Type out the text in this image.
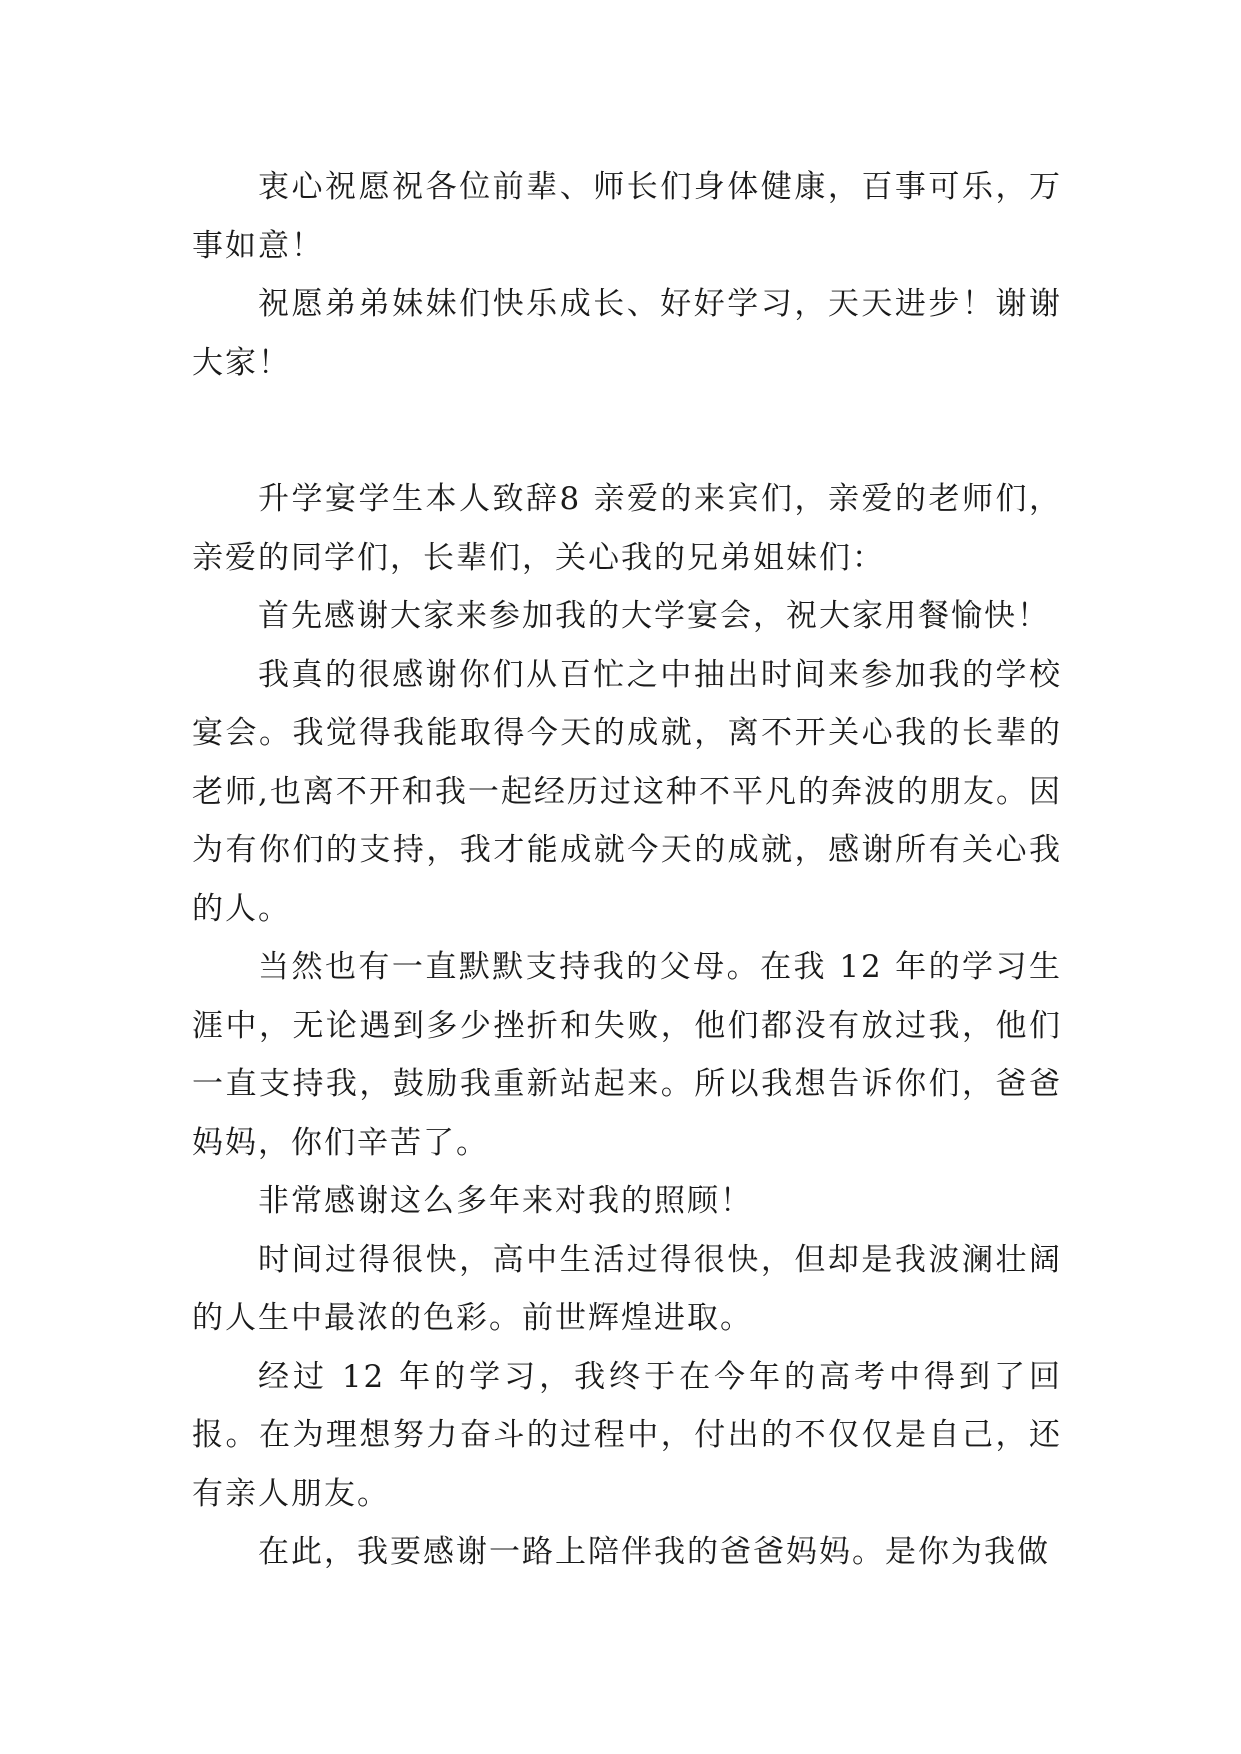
衷心祝愿祝各位前辈、师长们身体健康，百事可乐，万事如意！

祝愿弟弟妹妹们快乐成长、好好学习，天天进步！谢谢大家！

升学宴学生本人致辞8 亲爱的来宾们，亲爱的老师们，亲爱的同学们，长辈们，关心我的兄弟姐妹们：

首先感谢大家来参加我的大学宴会，祝大家用餐愉快！

我真的很感谢你们从百忙之中抽出时间来参加我的学校宴会。我觉得我能取得今天的成就，离不开关心我的长辈的老师,也离不开和我一起经历过这种不平凡的奔波的朋友。因为有你们的支持，我才能成就今天的成就，感谢所有关心我的人。

当然也有一直默默支持我的父母。在我 12 年的学习生涯中，无论遇到多少挫折和失败，他们都没有放过我，他们一直支持我，鼓励我重新站起来。所以我想告诉你们，爸爸妈妈，你们辛苦了。

非常感谢这么多年来对我的照顾！

时间过得很快，高中生活过得很快，但却是我波澜壮阔的人生中最浓的色彩。前世辉煌进取。

经过 12 年的学习，我终于在今年的高考中得到了回报。在为理想努力奋斗的过程中，付出的不仅仅是自己，还有亲人朋友。

在此，我要感谢一路上陪伴我的爸爸妈妈。是你为我做
